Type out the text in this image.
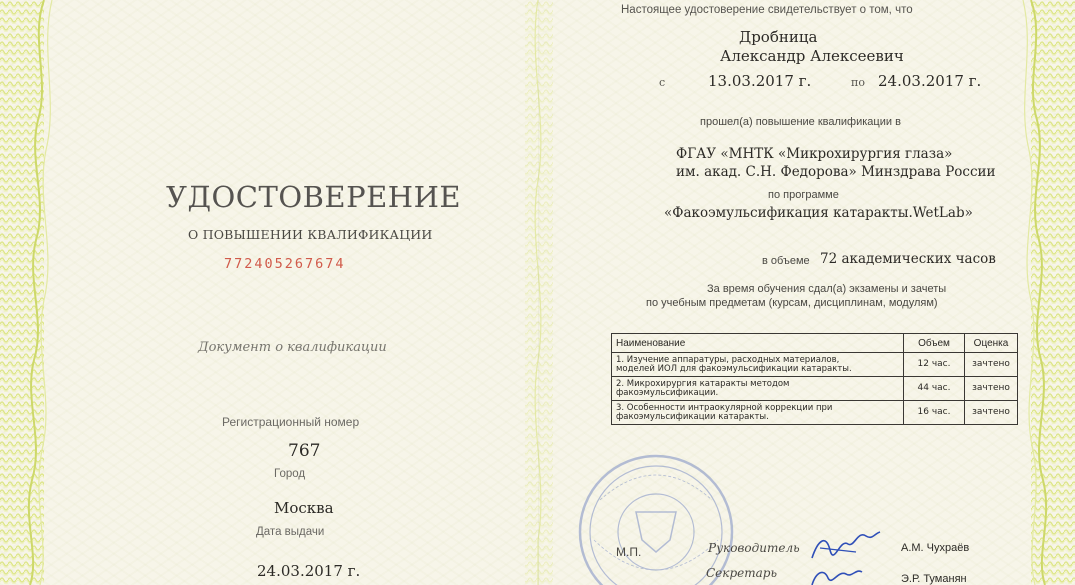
УДОСТОВЕРЕНИЕ
О ПОВЫШЕНИИ КВАЛИФИКАЦИИ
772405267674
Документ о квалификации
Регистрационный номер
767
Город
Москва
Дата выдачи
24.03.2017 г.
Настоящее удостоверение свидетельствует о том, что
Дробница
Александр Алексеевич
с	13.03.2017 г.	по 24.03.2017 г.
прошел(а) повышение квалификации в
ФГАУ «МНТК «Микрохирургия глаза»
им. акад. С.Н. Федорова» Минздрава России
по программе
«Факоэмульсификация катаракты.WetLab»
в объеме 72 академических часов
За время обучения сдал(а) экзамены и зачеты
по учебным предметам (курсам, дисциплинам, модулям)
Наименование	Объем	Оценка
1. Изучение аппаратуры, расходных материалов,
моделей ИОЛ для факоэмульсификации катаракты.	12 час.	зачтено
2. Микрохирургия катаракты методом
факоэмульсификации.	44 час.	зачтено
3. Особенности интраокулярной коррекции при
факоэмульсификации катаракты.	16 час.	зачтено
М.П.	Руководитель	А.М. Чухраёв
Секретарь	Э.Р. Туманян
